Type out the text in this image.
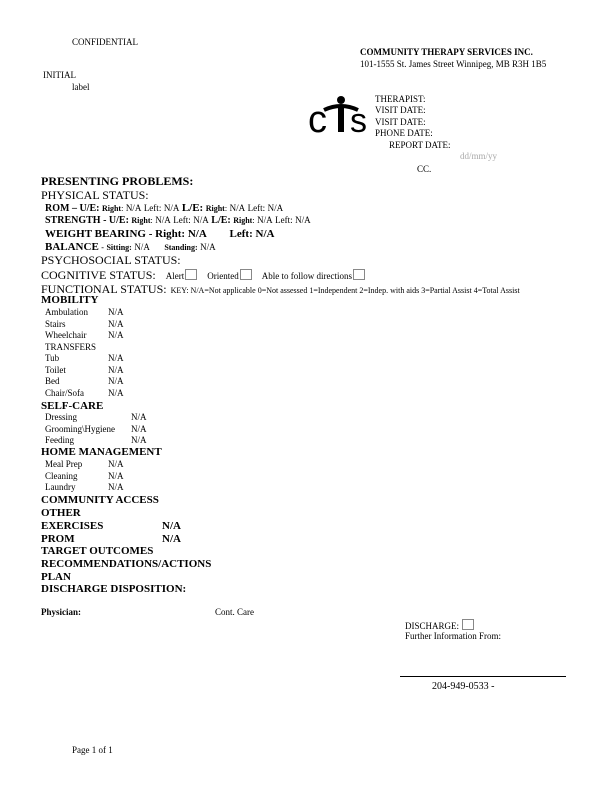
CONFIDENTIAL
COMMUNITY THERAPY SERVICES INC.
101-1555 St. James Street Winnipeg, MB R3H 1B5
INITIAL
label
c s
THERAPIST:
VISIT DATE:
VISIT DATE:
PHONE DATE:
REPORT DATE:
dd/mm/yy
CC.
PRESENTING PROBLEMS:
PHYSICAL STATUS:
ROM – U/E: Right: N/A Left: N/A L/E: Right: N/A Left: N/A
STRENGTH - U/E: Right: N/A Left: N/A L/E: Right: N/A Left: N/A
WEIGHT BEARING - Right: N/A Left: N/A
BALANCE - Sitting: N/A Standing: N/A
PSYCHOSOCIAL STATUS:
COGNITIVE STATUS: Alert	Oriented	Able to follow directions
FUNCTIONAL STATUS: KEY: N/A=Not applicable 0=Not assessed 1=Independent 2=Indep. with aids 3=Partial Assist 4=Total Assist
MOBILITY
Ambulation N/A
Stairs	N/A
Wheelchair N/A
TRANSFERS
Tub	N/A
Toilet	N/A
Bed	N/A
Chair/Sofa	N/A
SELF-CARE
Dressing	N/A
Grooming\Hygiene N/A
Feeding	N/A
HOME MANAGEMENT
Meal Prep	N/A
Cleaning	N/A
Laundry	N/A
COMMUNITY ACCESS
OTHER
EXERCISES	N/A
PROM	N/A
TARGET OUTCOMES
RECOMMENDATIONS/ACTIONS
PLAN
DISCHARGE DISPOSITION:
Physician:	Cont. Care
DISCHARGE:
Further Information From:
204-949-0533 -
Page 1 of 1
